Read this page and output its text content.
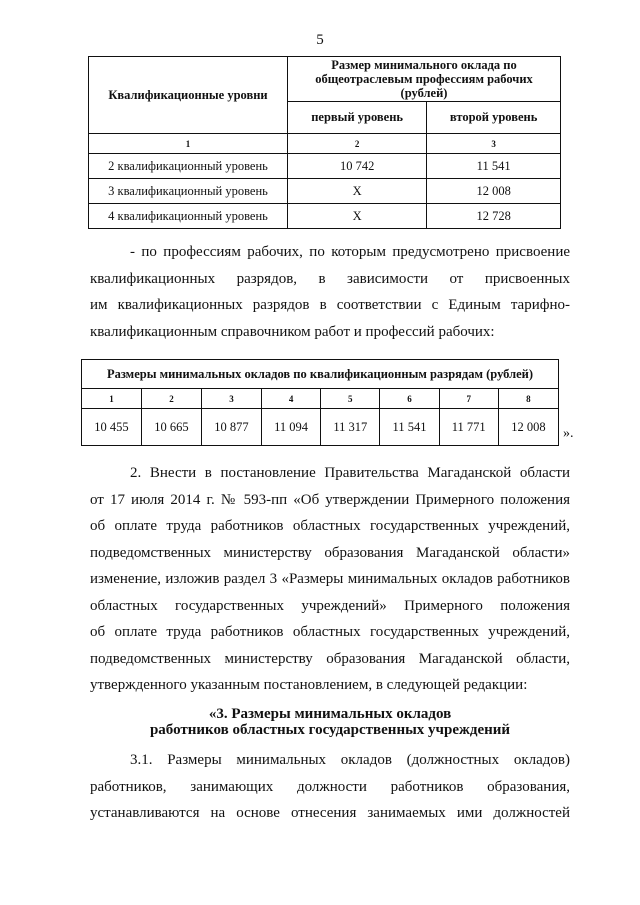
5
Квалификационные уровни	Размер минимального оклада по общеотраслевым профессиям рабочих (рублей)	
	первый уровень	второй уровень
1	2	3
2 квалификационный уровень	10 742	11 541
3 квалификационный уровень	Х	12 008
4 квалификационный уровень	Х	12 728
- по профессиям рабочих, по которым предусмотрено присвоение
квалификационных разрядов, в зависимости от присвоенных
им квалификационных разрядов в соответствии с Единым тарифно-
квалификационным справочником работ и профессий рабочих:
Размеры минимальных окладов по квалификационным разрядам (рублей)							
1	2	3	4	5	6	7	8
10 455	10 665	10 877	11 094	11 317	11 541	11 771	12 008 ».
2. Внести в постановление Правительства Магаданской области
от 17 июля 2014 г. № 593-пп «Об утверждении Примерного положения
об оплате труда работников областных государственных учреждений,
подведомственных министерству образования Магаданской области»
изменение, изложив раздел 3 «Размеры минимальных окладов работников
областных государственных учреждений» Примерного положения
об оплате труда работников областных государственных учреждений,
подведомственных министерству образования Магаданской области,
утвержденного указанным постановлением, в следующей редакции:
«3. Размеры минимальных окладов
работников областных государственных учреждений
3.1. Размеры минимальных окладов (должностных окладов)
работников, занимающих должности работников образования,
устанавливаются на основе отнесения занимаемых ими должностей
